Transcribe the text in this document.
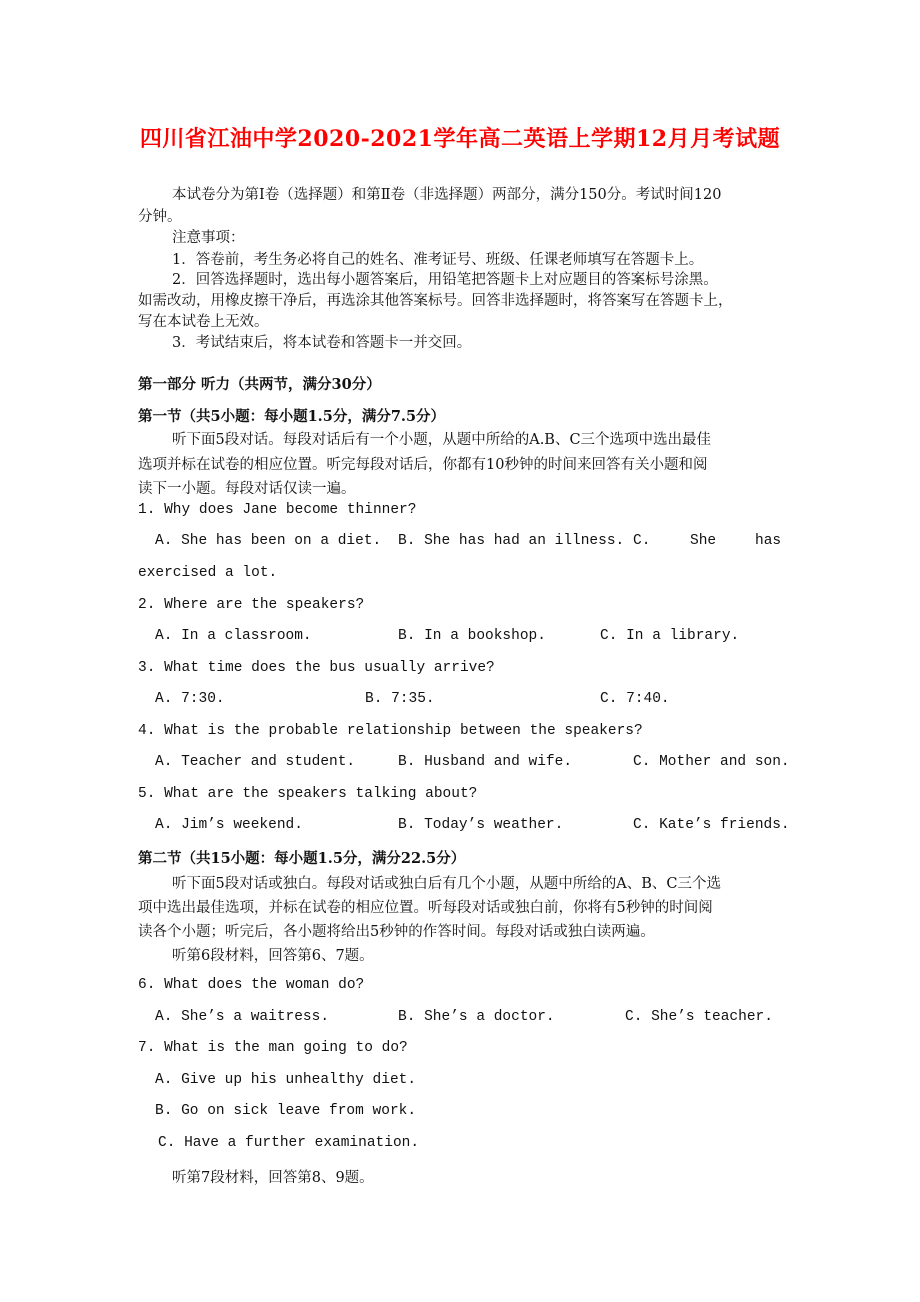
四川省江油中学2020-2021学年高二英语上学期12月月考试题
本试卷分为第Ⅰ卷（选择题）和第Ⅱ卷（非选择题）两部分，满分150分。考试时间120
分钟。
注意事项：
1．答卷前，考生务必将自己的姓名、准考证号、班级、任课老师填写在答题卡上。
2．回答选择题时，选出每小题答案后，用铅笔把答题卡上对应题目的答案标号涂黑。
如需改动，用橡皮擦干净后，再选涂其他答案标号。回答非选择题时，将答案写在答题卡上，
写在本试卷上无效。
3．考试结束后，将本试卷和答题卡一并交回。
第一部分 听力（共两节，满分30分）
第一节（共5小题：每小题1.5分，满分7.5分）
听下面5段对话。每段对话后有一个小题，从题中所给的A.B、C三个选项中选出最佳
选项并标在试卷的相应位置。听完每段对话后，你都有10秒钟的时间来回答有关小题和阅
读下一小题。每段对话仅读一遍。
1. Why does Jane become thinner?
A. She has been on a diet. B. She has had an illness. C.	She	has
exercised a lot.
2. Where are the speakers?
A. In a classroom.	B. In a bookshop.	C. In a library.
3. What time does the bus usually arrive?
A. 7:30.	B. 7:35.	C. 7:40.
4. What is the probable relationship between the speakers?
A. Teacher and student.	B. Husband and wife.	C. Mother and son.
5. What are the speakers talking about?
A. Jim’s weekend.	B. Today’s weather.	C. Kate’s friends.
第二节（共15小题：每小题1.5分，满分22.5分）
听下面5段对话或独白。每段对话或独白后有几个小题，从题中所给的A、B、C三个选
项中选出最佳选项，并标在试卷的相应位置。听每段对话或独白前，你将有5秒钟的时间阅
读各个小题；听完后，各小题将给出5秒钟的作答时间。每段对话或独白读两遍。
听第6段材料，回答第6、7题。
6. What does the woman do?
A. She’s a waitress.	B. She’s a doctor.	C. She’s teacher.
7. What is the man going to do?
A. Give up his unhealthy diet.
B. Go on sick leave from work.
C. Have a further examination.
听第7段材料，回答第8、9题。
